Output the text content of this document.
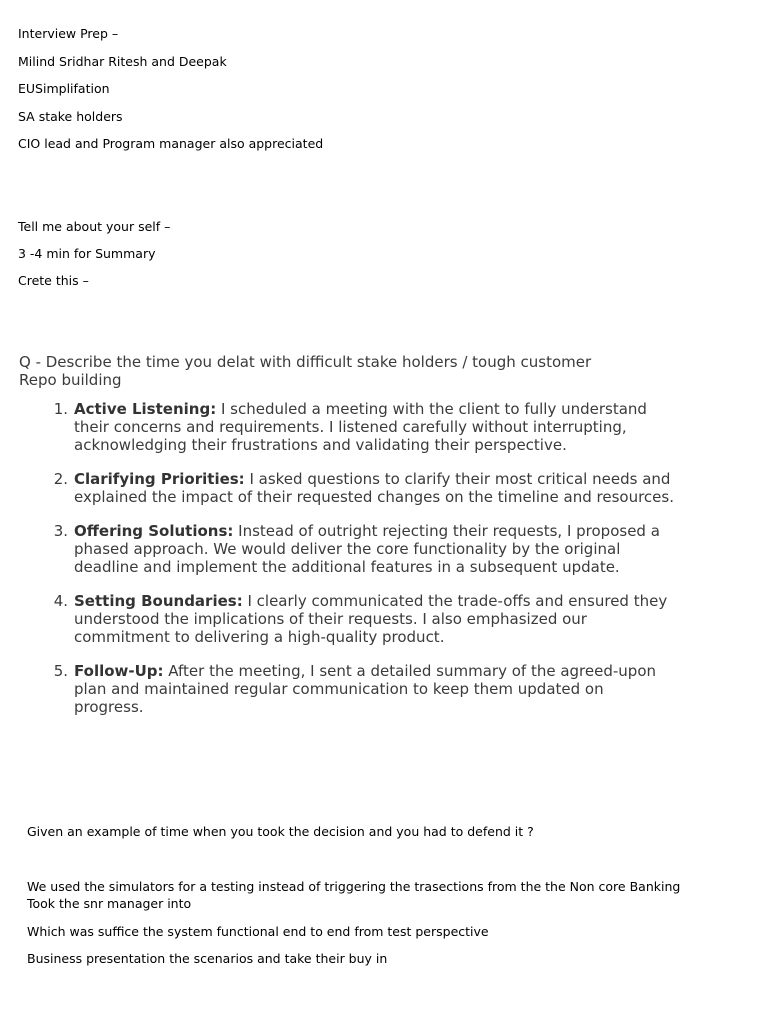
Interview Prep –
Milind Sridhar Ritesh and Deepak
EUSimplifation
SA stake holders
CIO lead and Program manager also appreciated
Tell me about your self –
3 -4 min for Summary
Crete this –
Q - Describe the time you delat with difficult stake holders / tough customer
Repo building
1. Active Listening: I scheduled a meeting with the client to fully understand their concerns and requirements. I listened carefully without interrupting, acknowledging their frustrations and validating their perspective.
2. Clarifying Priorities: I asked questions to clarify their most critical needs and explained the impact of their requested changes on the timeline and resources.
3. Offering Solutions: Instead of outright rejecting their requests, I proposed a phased approach. We would deliver the core functionality by the original deadline and implement the additional features in a subsequent update.
4. Setting Boundaries: I clearly communicated the trade-offs and ensured they understood the implications of their requests. I also emphasized our commitment to delivering a high-quality product.
5. Follow-Up: After the meeting, I sent a detailed summary of the agreed-upon plan and maintained regular communication to keep them updated on progress.
Given an example of time when you took the decision and you had to defend it ?
We used the simulators for a testing instead of triggering the trasections from the the Non core Banking
Took the snr manager into
Which was suffice the system functional end to end from test perspective
Business presentation the scenarios and take their buy in
